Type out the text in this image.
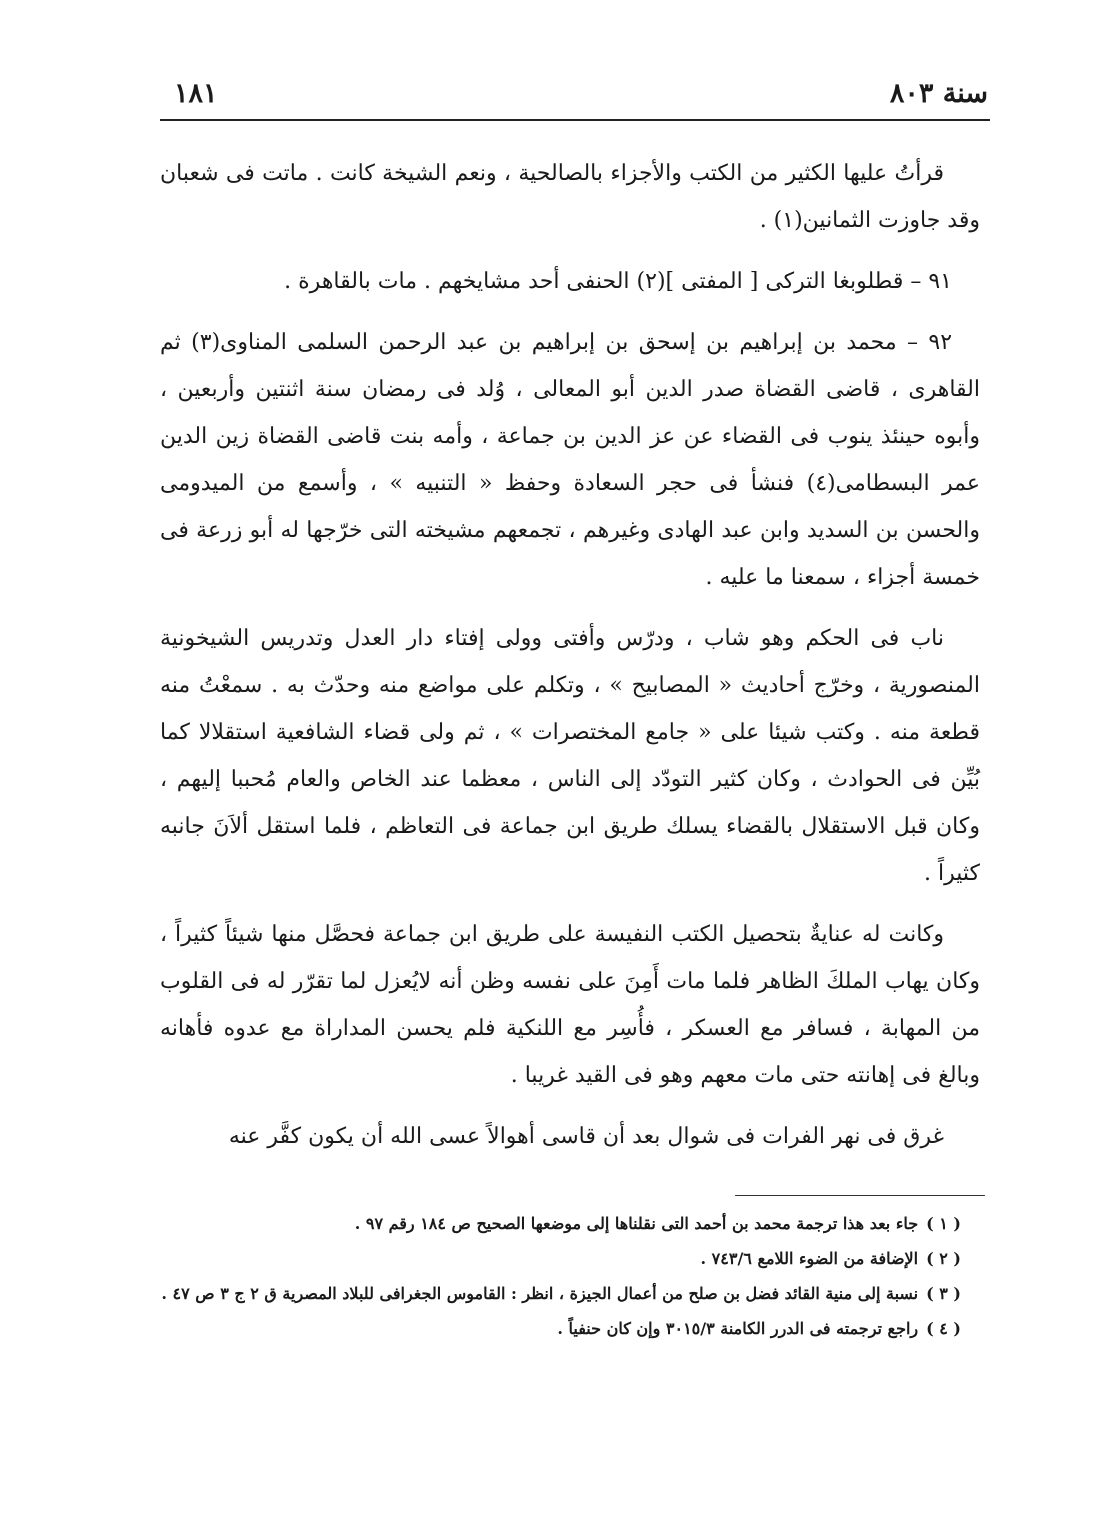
سنة ٨٠٣
١٨١

قرأتُ عليها الكثير من الكتب والأجزاء بالصالحية ، ونعم الشيخة كانت . ماتت فى شعبان وقد جاوزت الثمانين(١) .

٩١ – قطلوبغا التركى [ المفتى ](٢) الحنفى أحد مشايخهم . مات بالقاهرة .

٩٢ – محمد بن إبراهيم بن إسحق بن إبراهيم بن عبد الرحمن السلمى المناوى(٣) ثم القاهرى ، قاضى القضاة صدر الدين أبو المعالى ، وُلد فى رمضان سنة اثنتين وأربعين ، وأبوه حينئذ ينوب فى القضاء عن عز الدين بن جماعة ، وأمه بنت قاضى القضاة زين الدين عمر البسطامى(٤) فنشأ فى حجر السعادة وحفظ « التنبيه » ، وأسمع من الميدومى والحسن بن السديد وابن عبد الهادى وغيرهم ، تجمعهم مشيخته التى خرّجها له أبو زرعة فى خمسة أجزاء ، سمعنا ما عليه .

ناب فى الحكم وهو شاب ، ودرّس وأفتى وولى إفتاء دار العدل وتدريس الشيخونية المنصورية ، وخرّج أحاديث « المصابيح » ، وتكلم على مواضع منه وحدّث به . سمعْتُ منه قطعة منه . وكتب شيئا على « جامع المختصرات » ، ثم ولى قضاء الشافعية استقلالا كما بُيِّن فى الحوادث ، وكان كثير التودّد إلى الناس ، معظما عند الخاص والعام مُحببا إليهم ، وكان قبل الاستقلال بالقضاء يسلك طريق ابن جماعة فى التعاظم ، فلما استقل ألاَنَ جانبه كثيراً .

وكانت له عنايةٌ بتحصيل الكتب النفيسة على طريق ابن جماعة فحصَّل منها شيئاً كثيراً ، وكان يهاب الملكَ الظاهر فلما مات أَمِنَ على نفسه وظن أنه لايُعزل لما تقرّر له فى القلوب من المهابة ، فسافر مع العسكر ، فأُسِر مع اللنكية فلم يحسن المداراة مع عدوه فأهانه وبالغ فى إهانته حتى مات معهم وهو فى القيد غريبا .

غرق فى نهر الفرات فى شوال بعد أن قاسى أهوالاً عسى الله أن يكون كفَّر عنه

( ١ )جاء بعد هذا ترجمة محمد بن أحمد التى نقلناها إلى موضعها الصحيح ص ١٨٤ رقم ٩٧ .
( ٢ )الإضافة من الضوء اللامع ٧٤٣/٦ .
( ٣ )نسبة إلى منية القائد فضل بن صلح من أعمال الجيزة ، انظر : القاموس الجغرافى للبلاد المصرية ق ٢ ج ٣ ص ٤٧ .
( ٤ )راجع ترجمته فى الدرر الكامنة ٣٠١٥/٣ وإن كان حنفياً .
